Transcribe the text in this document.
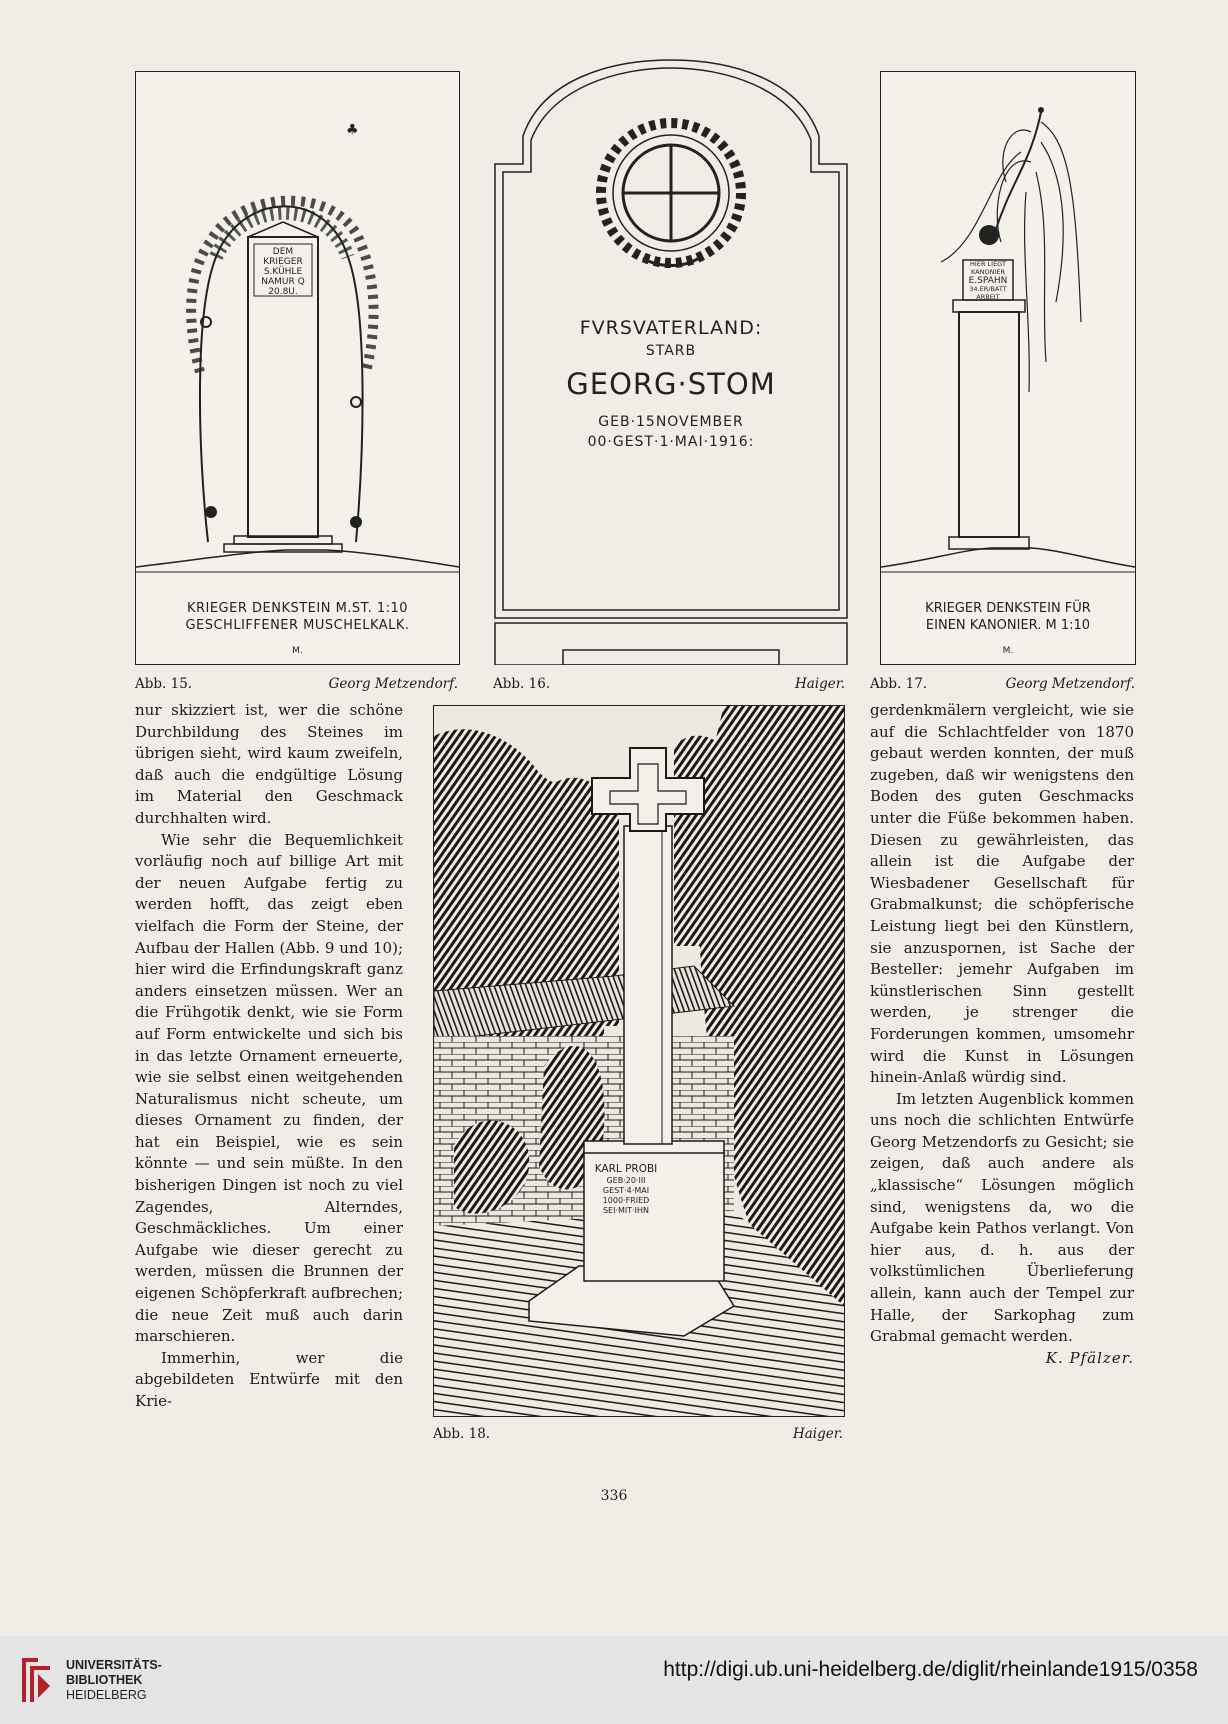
♣
DEM
KRIEGER
S.KÜHLE
NAMUR Q
20.8U.
KRIEGER DENKSTEIN M.ST. 1:10
GESCHLIFFENER MUSCHELKALK.
M.
Abb. 15.	Georg Metzendorf.
FVRSVATERLAND:
STARB
GEORG·STOM
GEB·15NOVEMBER
00·GEST·1·MAI·1916:
Abb. 16.	Haiger.
HIER LIEGT
KANONIER
E.SPAHN
34.ER/BATT
ARBEIT
KRIEGER DENKSTEIN FÜR
EINEN KANONIER. M 1:10
M.
Abb. 17.	Georg Metzendorf.
KARL PROBI
GEB·20·III
GEST·4·MAI
1000·FRIED
SEI·MIT·IHN
Abb. 18.	Haiger.

nur skizziert ist, wer die schöne Durchbildung des Steines im übrigen sieht, wird kaum zweifeln, daß auch die endgültige Lösung im Material den Geschmack durchhalten wird.

Wie sehr die Bequemlichkeit vorläufig noch auf billige Art mit der neuen Aufgabe fertig zu werden hofft, das zeigt eben vielfach die Form der Steine, der Aufbau der Hallen (Abb. 9 und 10); hier wird die Erfindungskraft ganz anders einsetzen müssen. Wer an die Frühgotik denkt, wie sie Form auf Form entwickelte und sich bis in das letzte Ornament erneuerte, wie sie selbst einen weitgehenden Naturalismus nicht scheute, um dieses Ornament zu finden, der hat ein Beispiel, wie es sein könnte — und sein müßte. In den bisherigen Dingen ist noch zu viel Zagendes, Alterndes, Geschmäckliches. Um einer Aufgabe wie dieser gerecht zu werden, müssen die Brunnen der eigenen Schöpferkraft aufbrechen; die neue Zeit muß auch darin marschieren.

Immerhin, wer die abgebildeten Entwürfe mit den Krie-

gerdenkmälern vergleicht, wie sie auf die Schlachtfelder von 1870 gebaut werden konnten, der muß zugeben, daß wir wenigstens den Boden des guten Geschmacks unter die Füße bekommen haben. Diesen zu gewährleisten, das allein ist die Aufgabe der Wiesbadener Gesellschaft für Grabmalkunst; die schöpferische Leistung liegt bei den Künstlern, sie anzuspornen, ist Sache der Besteller: jemehr Aufgaben im künstlerischen Sinn gestellt werden, je strenger die Forderungen kommen, umsomehr wird die Kunst in Lösungen hinein-Anlaß würdig sind.

Im letzten Augenblick kommen uns noch die schlichten Entwürfe Georg Metzendorfs zu Gesicht; sie zeigen, daß auch andere als „klassische“ Lösungen möglich sind, wenigstens da, wo die Aufgabe kein Pathos verlangt. Von hier aus, d. h. aus der volkstümlichen Überlieferung allein, kann auch der Tempel zur Halle, der Sarkophag zum Grabmal gemacht werden.

K. Pfälzer.

336
UNIVERSITÄTS-
BIBLIOTHEK
HEIDELBERG
http://digi.ub.uni-heidelberg.de/diglit/rheinlande1915/0358
